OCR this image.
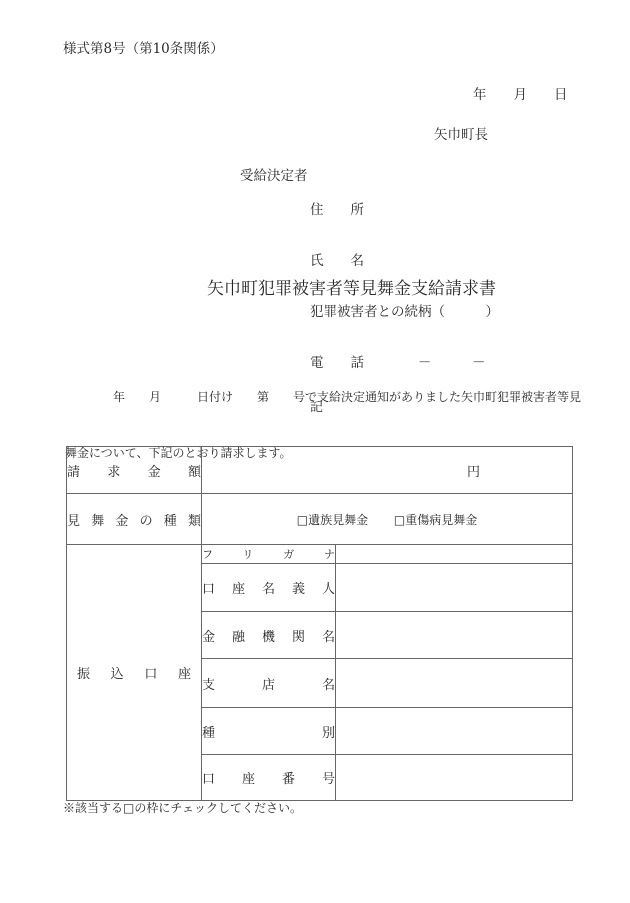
様式第8号（第10条関係）
年　　月　　日
矢巾町長
受給決定者

住　　所

氏　　名

犯罪被害者との続柄（　　　）

電　　話　　　　－　　　－

矢巾町犯罪被害者等見舞金支給請求書

　　　　年　　月　　　日付け　　第　　号で支給決定通知がありました矢巾町犯罪被害者等見

舞金について、下記のとおり請求します。

記
請求金額	円	
見舞金の種類	□遺族見舞金 □重傷病見舞金	
振込口座	フリガナ	
	口座名義人	
	金融機関名	
	支店名	
	種別	
	口座番号	
※該当する□の枠にチェックしてください。
